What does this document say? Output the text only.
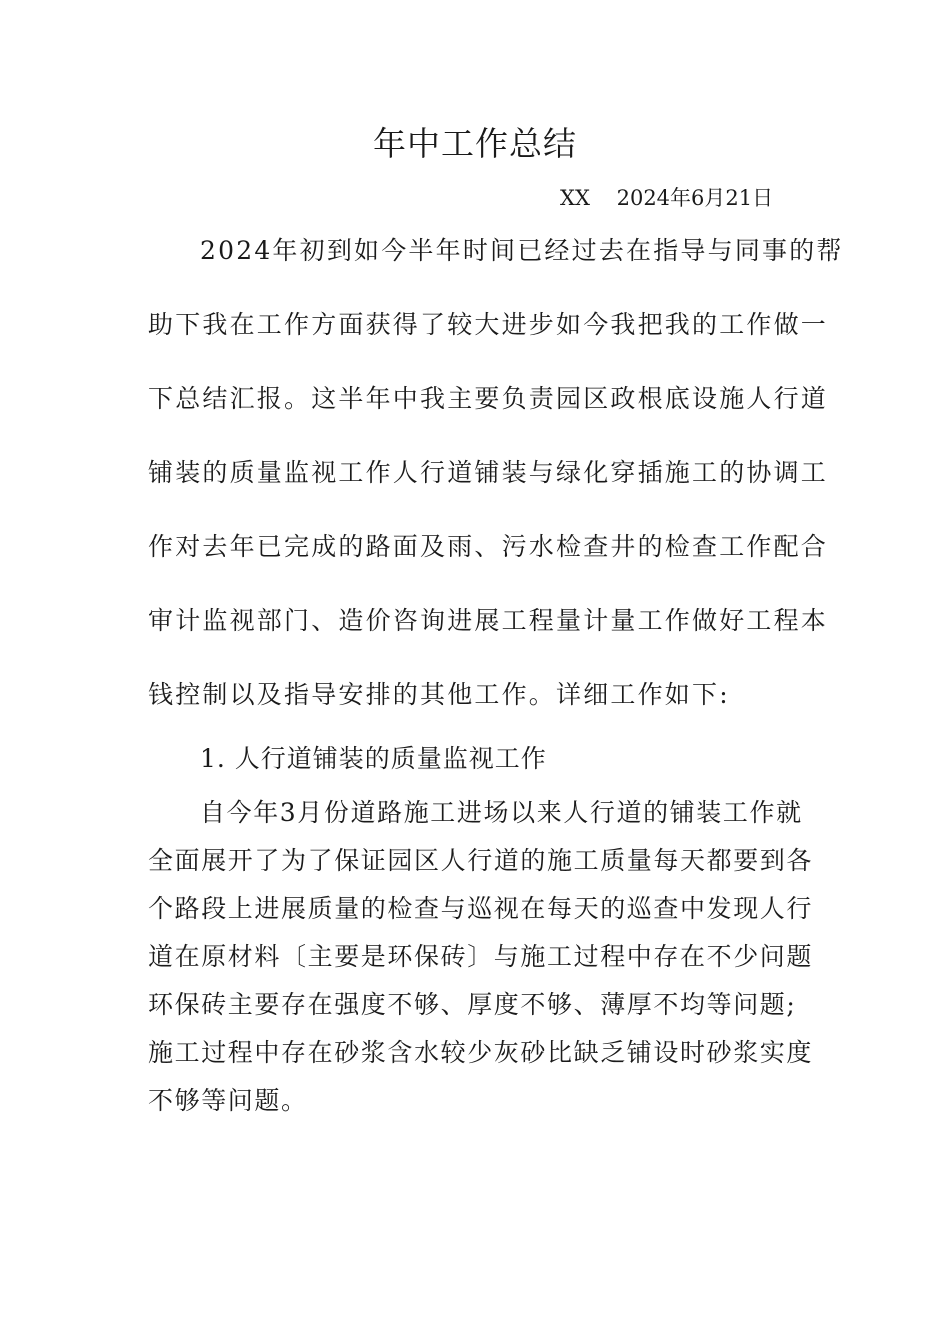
年中工作总结
XX    2024年6月21日
2024年初到如今半年时间已经过去在指导与同事的帮
助下我在工作方面获得了较大进步如今我把我的工作做一
下总结汇报。这半年中我主要负责园区政根底设施人行道
铺装的质量监视工作人行道铺装与绿化穿插施工的协调工
作对去年已完成的路面及雨、污水检查井的检查工作配合
审计监视部门、造价咨询进展工程量计量工作做好工程本
钱控制以及指导安排的其他工作。详细工作如下:
1. 人行道铺装的质量监视工作
自今年3月份道路施工进场以来人行道的铺装工作就
全面展开了为了保证园区人行道的施工质量每天都要到各
个路段上进展质量的检查与巡视在每天的巡查中发现人行
道在原材料〔主要是环保砖〕与施工过程中存在不少问题
环保砖主要存在强度不够、厚度不够、薄厚不均等问题;
施工过程中存在砂浆含水较少灰砂比缺乏铺设时砂浆实度
不够等问题。
